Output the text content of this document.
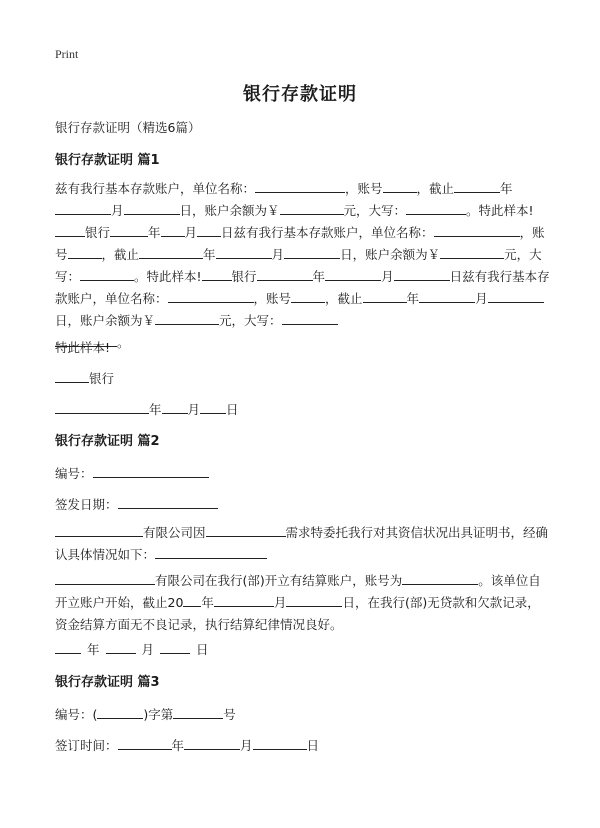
Print
银行存款证明
银行存款证明（精选6篇）
银行存款证明 篇1
兹有我行基本存款账户，单位名称：	，账号	，截止	年月	日，账户余额为￥	元，大写：	。特此样本!银行	年 月 日兹有我行基本存款账户，单位名称：	，账号	，截止	年	月	日，账户余额为￥	元，大写：	。特此样本! 银行	年	月	日兹有我行基本存款账户，单位名称：	，账号	，截止	年	月日，账户余额为￥	元，大写：
。
特此样本!
银行
年 月 日
银行存款证明 篇2
编号：
签发日期：
有限公司因	需求特委托我行对其资信状况出具证明书，经确认具体情况如下：
有限公司在我行(部)开立有结算账户，账号为	。该单位自开立账户开始，截止20 年	月	日，在我行(部)无贷款和欠款记录，资金结算方面无不良记录，执行结算纪律情况良好。
年	月	日
银行存款证明 篇3
编号：(	)字第	号
签订时间：	年	月	日
